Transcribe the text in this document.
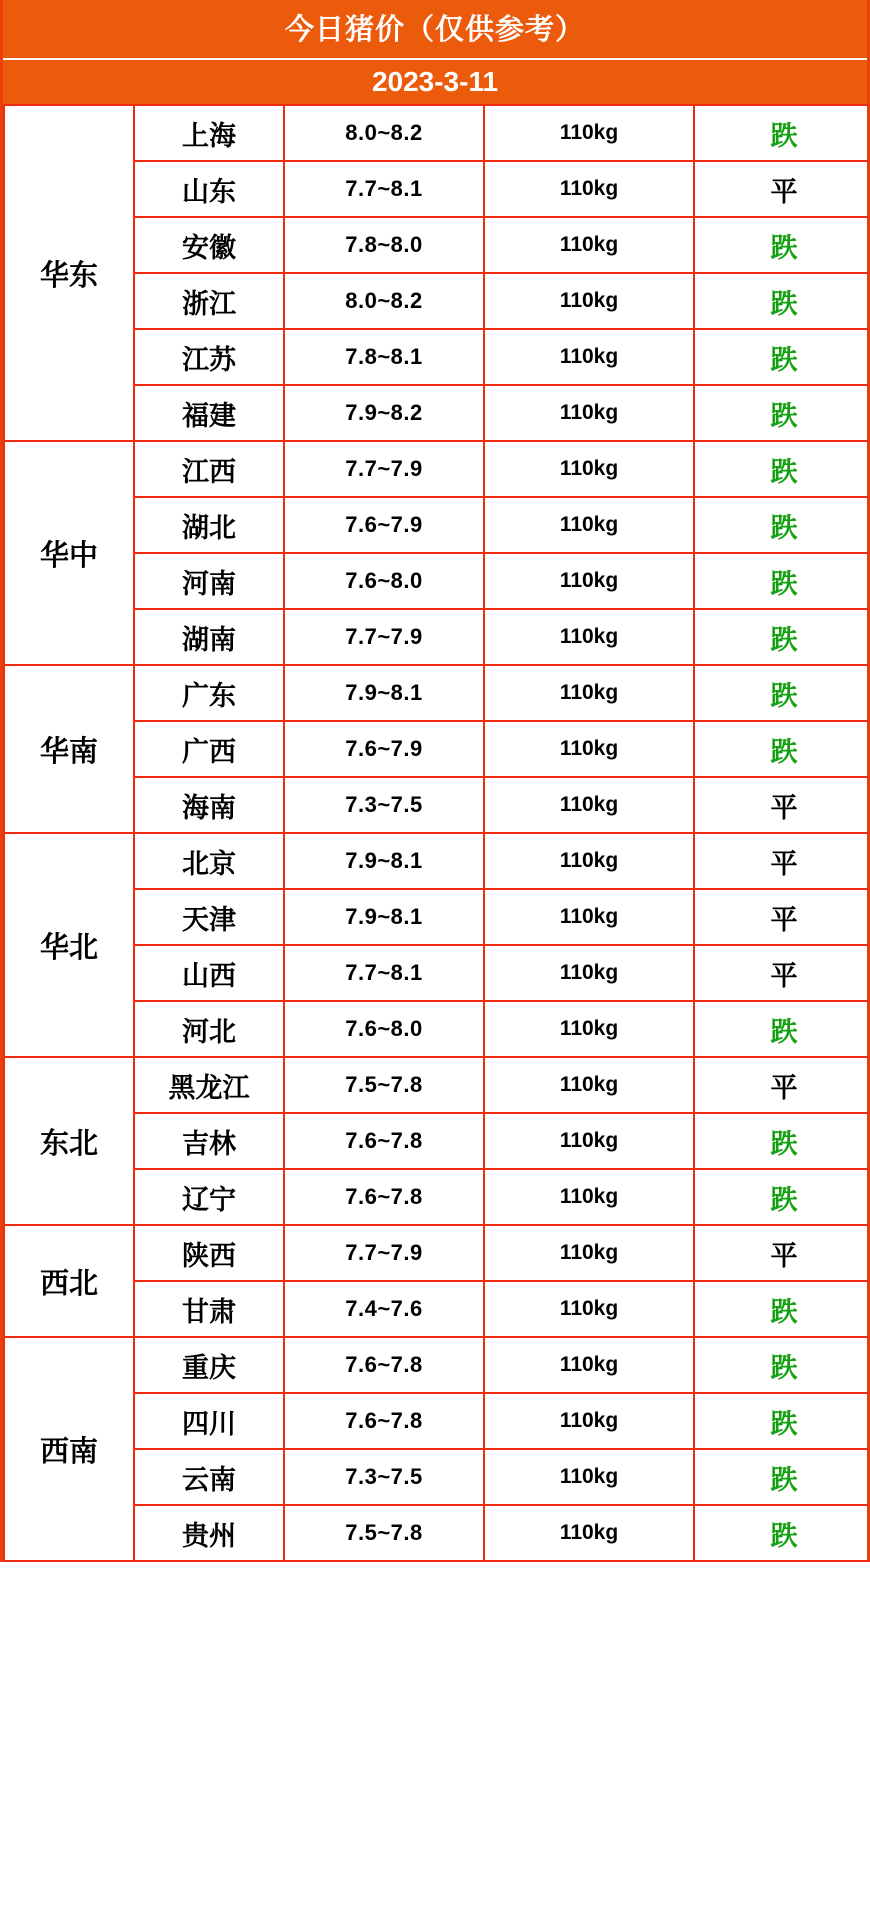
今日猪价（仅供参考）
2023-3-11
华东	上海	8.0~8.2	110kg	跌
	山东	7.7~8.1	110kg	平
	安徽	7.8~8.0	110kg	跌
	浙江	8.0~8.2	110kg	跌
	江苏	7.8~8.1	110kg	跌
	福建	7.9~8.2	110kg	跌
华中	江西	7.7~7.9	110kg	跌
	湖北	7.6~7.9	110kg	跌
	河南	7.6~8.0	110kg	跌
	湖南	7.7~7.9	110kg	跌
华南	广东	7.9~8.1	110kg	跌
	广西	7.6~7.9	110kg	跌
	海南	7.3~7.5	110kg	平
华北	北京	7.9~8.1	110kg	平
	天津	7.9~8.1	110kg	平
	山西	7.7~8.1	110kg	平
	河北	7.6~8.0	110kg	跌
东北	黑龙江	7.5~7.8	110kg	平
	吉林	7.6~7.8	110kg	跌
	辽宁	7.6~7.8	110kg	跌
西北	陕西	7.7~7.9	110kg	平
	甘肃	7.4~7.6	110kg	跌
西南	重庆	7.6~7.8	110kg	跌
	四川	7.6~7.8	110kg	跌
	云南	7.3~7.5	110kg	跌
	贵州	7.5~7.8	110kg	跌
